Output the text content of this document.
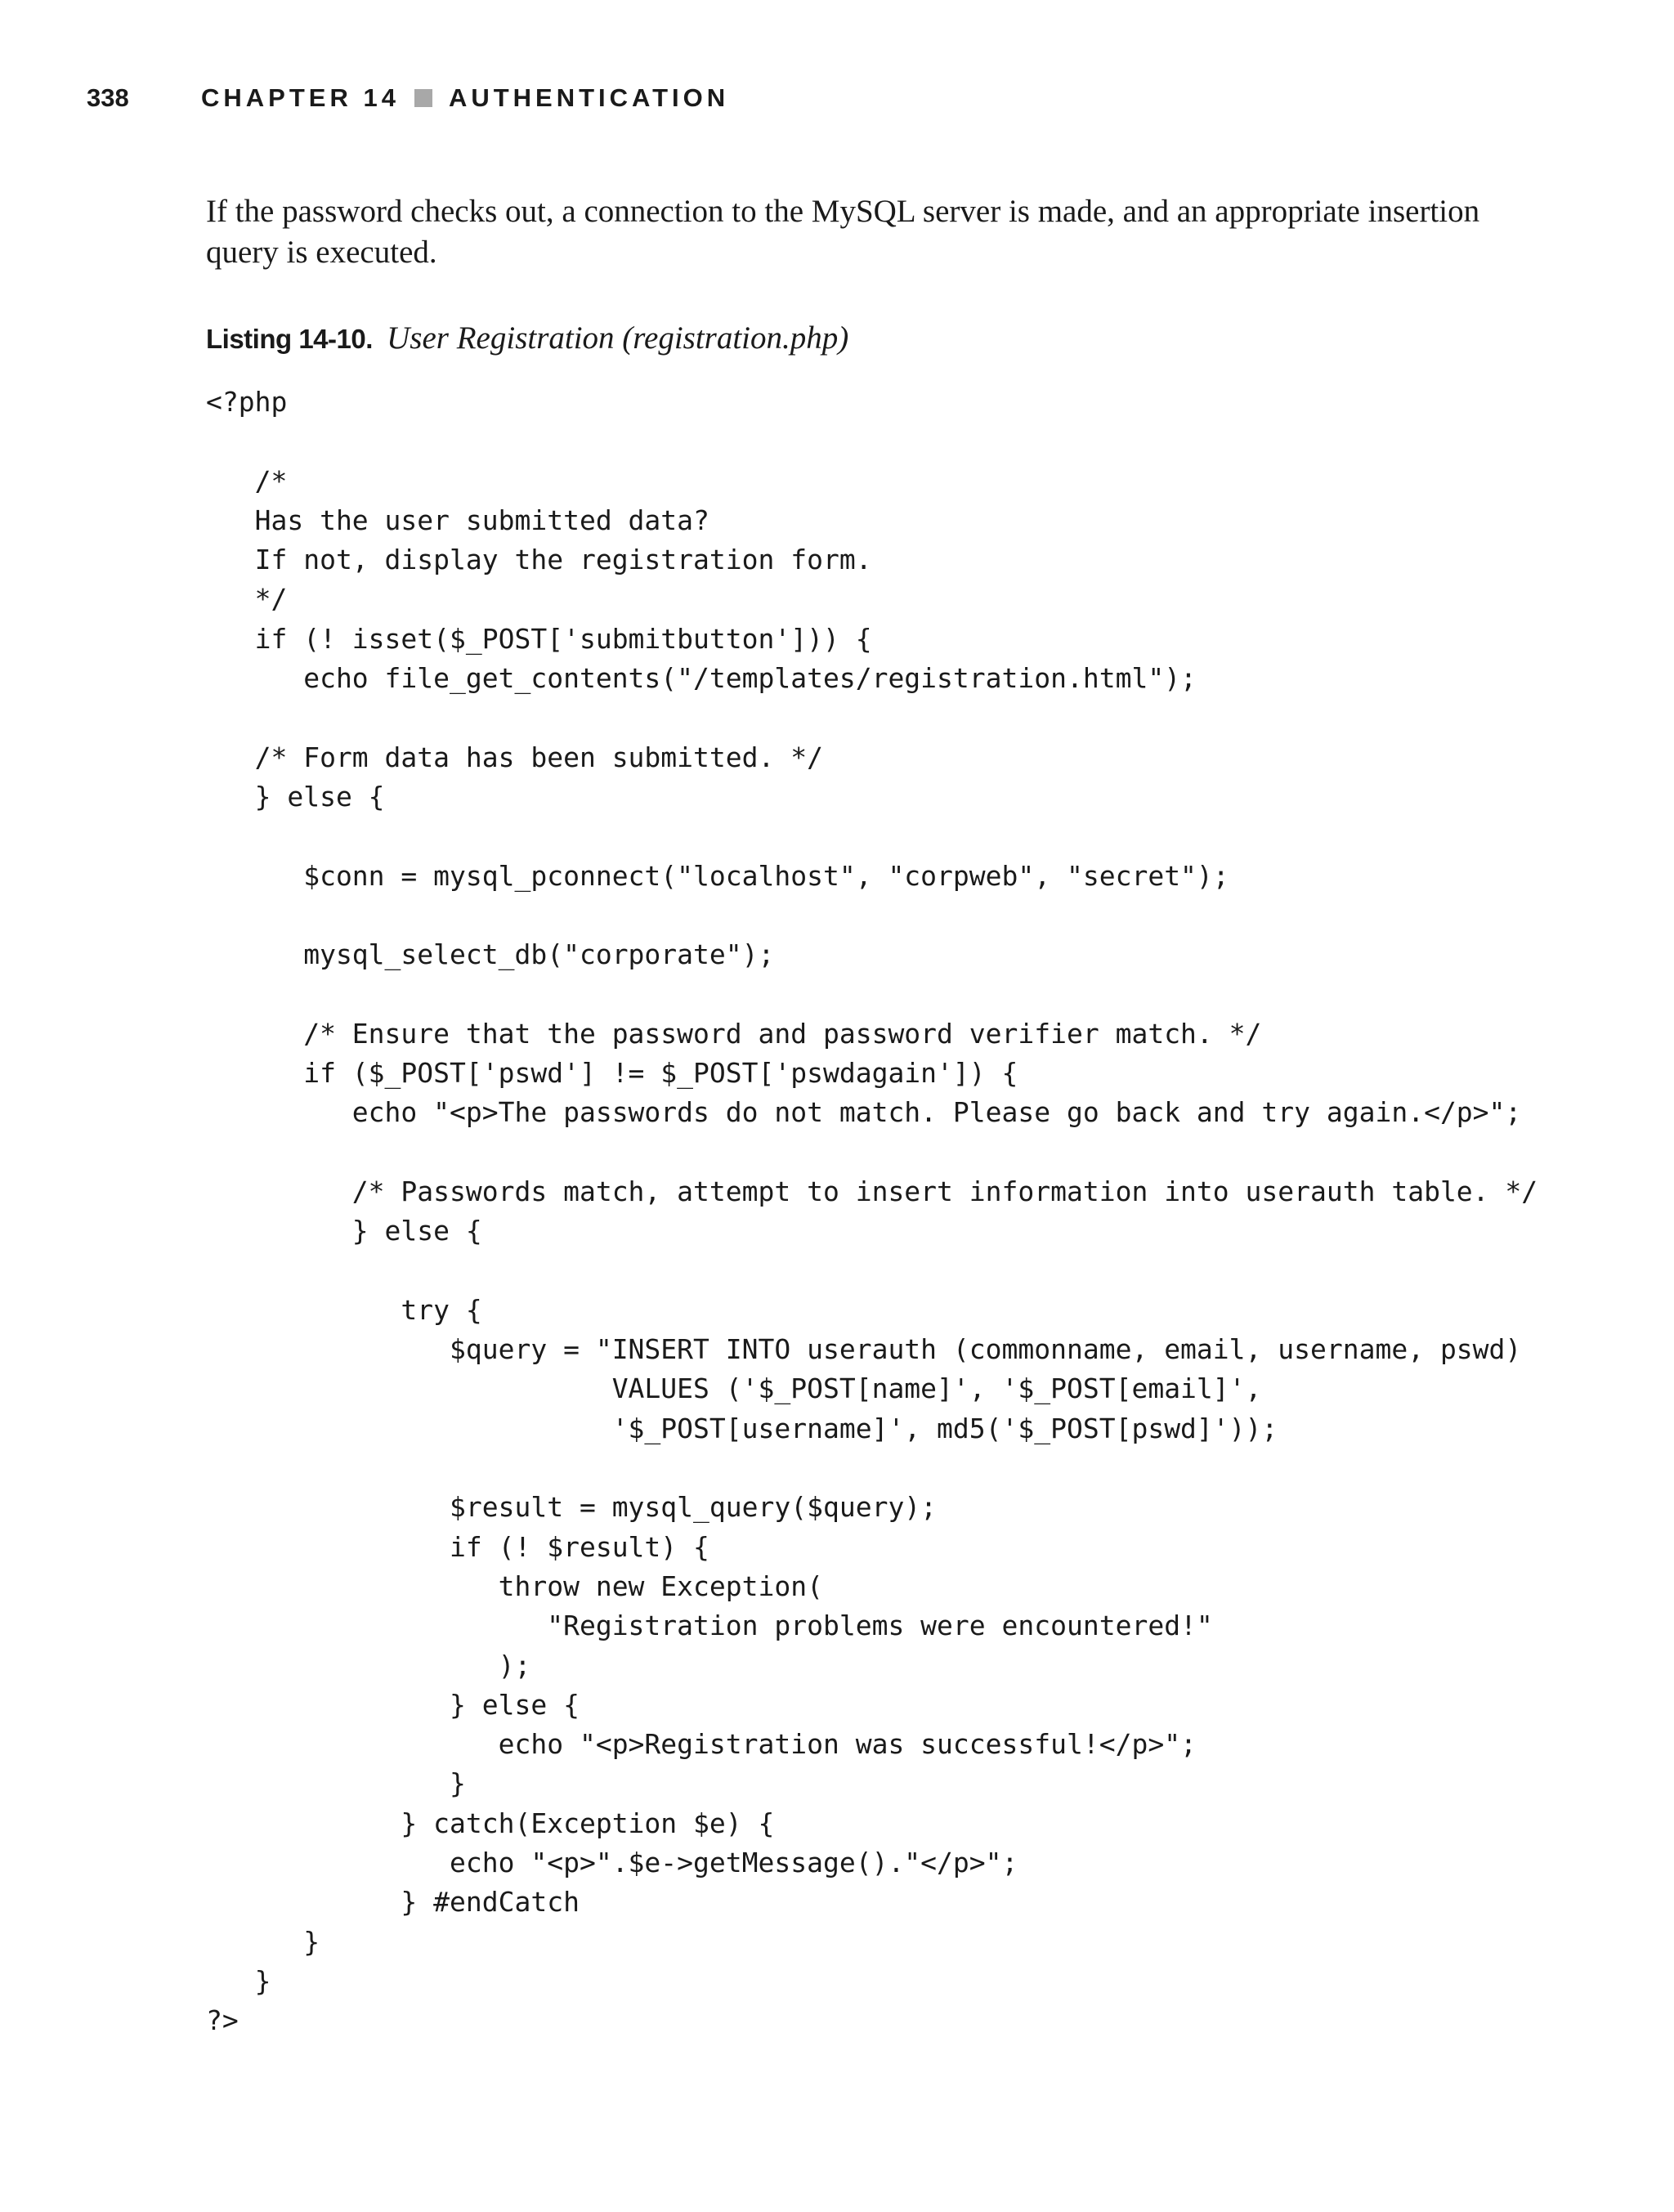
338	CHAPTER 14 AUTHENTICATION

If the password checks out, a connection to the MySQL server is made, and an appropriate insertion query is executed.

Listing 14-10. User Registration (registration.php)
<?php

/*
Has the user submitted data?
If not, display the registration form.
*/
if (! isset($_POST['submitbutton'])) {
echo file_get_contents("/templates/registration.html");

/* Form data has been submitted. */
} else {

$conn = mysql_pconnect("localhost", "corpweb", "secret");

mysql_select_db("corporate");

/* Ensure that the password and password verifier match. */
if ($_POST['pswd'] != $_POST['pswdagain']) {
echo "<p>The passwords do not match. Please go back and try again.</p>";

/* Passwords match, attempt to insert information into userauth table. */
} else {

try {
$query = "INSERT INTO userauth (commonname, email, username, pswd)
VALUES ('$_POST[name]', '$_POST[email]',
'$_POST[username]', md5('$_POST[pswd]'));

$result = mysql_query($query);
if (! $result) {
throw new Exception(
"Registration problems were encountered!"
);
} else {
echo "<p>Registration was successful!</p>";
}
} catch(Exception $e) {
echo "<p>".$e->getMessage()."</p>";
} #endCatch
}
}
?>
